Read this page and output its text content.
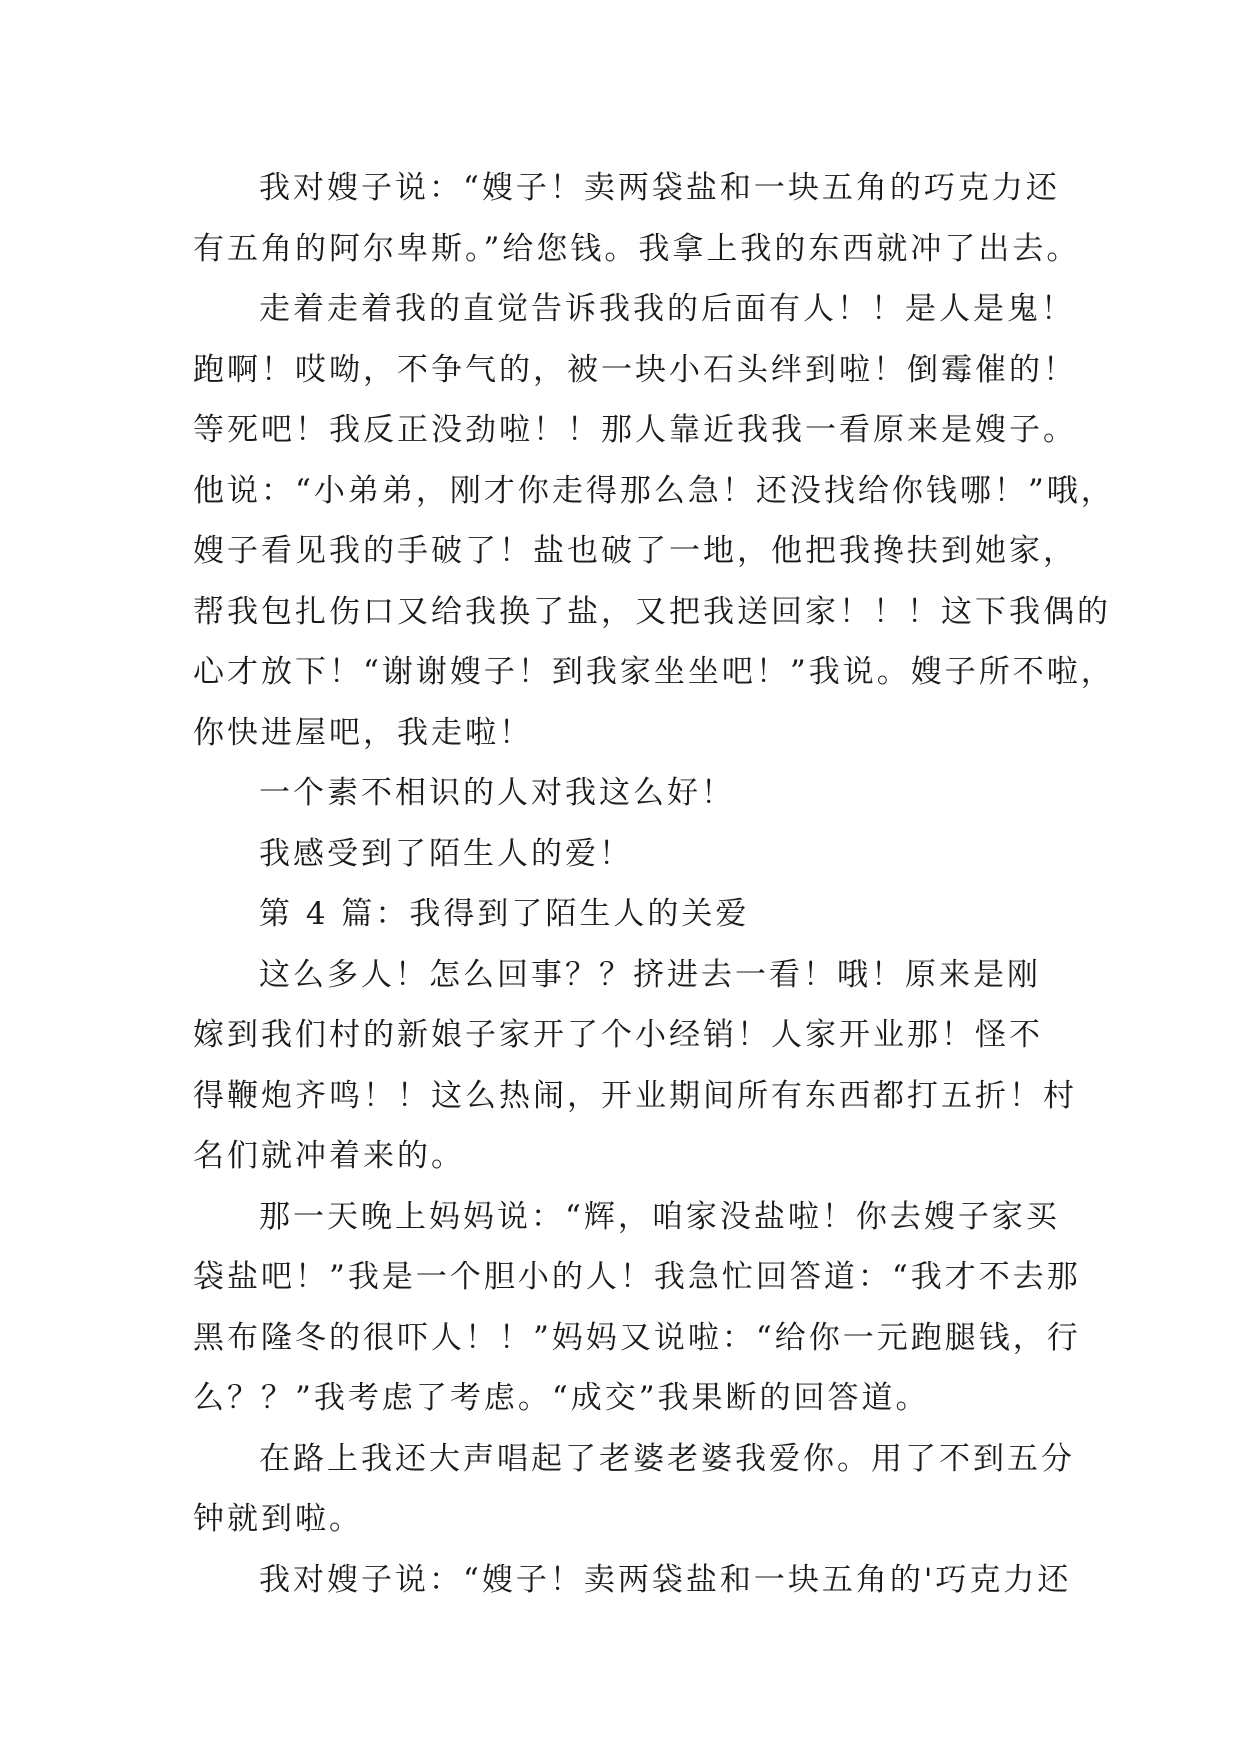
我对嫂子说：“嫂子！卖两袋盐和一块五角的巧克力还
有五角的阿尔卑斯。”给您钱。我拿上我的东西就冲了出去。
走着走着我的直觉告诉我我的后面有人！！是人是鬼！
跑啊！哎呦，不争气的，被一块小石头绊到啦！倒霉催的！
等死吧！我反正没劲啦！！那人靠近我我一看原来是嫂子。
他说：“小弟弟，刚才你走得那么急！还没找给你钱哪！”哦，
嫂子看见我的手破了！盐也破了一地，他把我搀扶到她家，
帮我包扎伤口又给我换了盐，又把我送回家！！！这下我偶的
心才放下！“谢谢嫂子！到我家坐坐吧！”我说。嫂子所不啦，
你快进屋吧，我走啦！
一个素不相识的人对我这么好！
我感受到了陌生人的爱！
第 4 篇：我得到了陌生人的关爱
这么多人！怎么回事？？挤进去一看！哦！原来是刚
嫁到我们村的新娘子家开了个小经销！人家开业那！怪不
得鞭炮齐鸣！！这么热闹，开业期间所有东西都打五折！村
名们就冲着来的。
那一天晚上妈妈说：“辉，咱家没盐啦！你去嫂子家买
袋盐吧！”我是一个胆小的人！我急忙回答道：“我才不去那
黑布隆冬的很吓人！！”妈妈又说啦：“给你一元跑腿钱，行
么？？”我考虑了考虑。“成交”我果断的回答道。
在路上我还大声唱起了老婆老婆我爱你。用了不到五分
钟就到啦。
我对嫂子说：“嫂子！卖两袋盐和一块五角的'巧克力还
